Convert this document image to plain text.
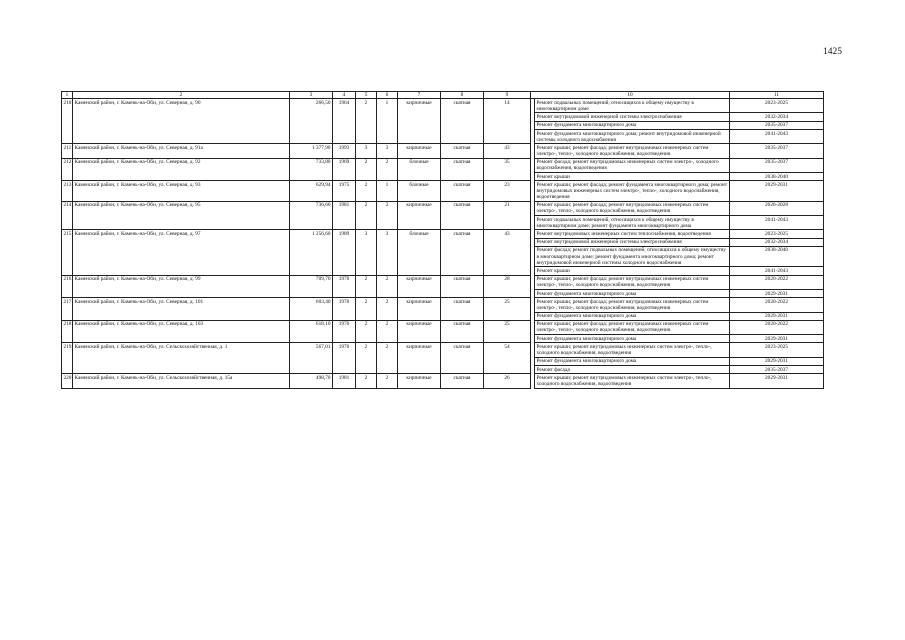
1425
1	2	3	4	5	6	7	8	9	10		11
210	Каменский район, г. Камень-на-Оби, ул. Северная, д. 90	266,50	1964	2	1	кирпичные	скатная	14		Ремонт подвальных помещений, относящихся к общему имуществу в многоквартирном доме	2023-2025
										Ремонт внутридомовой инженерной системы электроснабжения	2032-2034
										Ремонт фундамента многоквартирного дома	2035-2037
										Ремонт фундамента многоквартирного дома; ремонт внутридомовой инженерной системы холодного водоснабжения	2041-2043
211	Каменский район, г. Камень-на-Оби, ул. Северная, д. 91а	1 377,90	1993	3	3	кирпичные	скатная	43		Ремонт крыши; ремонт фасада; ремонт внутридомовых инженерных систем электро-, тепло-, холодного водоснабжения, водоотведения	2035-2037
212	Каменский район, г. Камень-на-Оби, ул. Северная, д. 92	733,80	1969	2	2	блочные	скатная	35		Ремонт фасада; ремонт внутридомовых инженерных систем электро-, холодного водоснабжения, водоотведения	2035-2037
										Ремонт крыши	2038-2040
213	Каменский район, г. Камень-на-Оби, ул. Северная, д. 93	629,94	1975	2	1	блочные	скатная	23		Ремонт крыши; ремонт фасада; ремонт фундамента многоквартирного дома; ремонт внутридомовых инженерных систем электро-, тепло-, холодного водоснабжения, водоотведения	2029-2031
214	Каменский район, г. Камень-на-Оби, ул. Северная, д. 95	736,60	1981	2	2	кирпичные	скатная	21		Ремонт крыши; ремонт фасада; ремонт внутридомовых инженерных систем электро-, тепло-, холодного водоснабжения, водоотведения	2026-2028
										Ремонт подвальных помещений, относящихся к общему имуществу в многоквартирном доме; ремонт фундамента многоквартирного дома	2041-2043
215	Каменский район, г. Камень-на-Оби, ул. Северная, д. 97	1 256,60	1989	3	3	блочные	скатная	43		Ремонт внутридомовых инженерных систем теплоснабжения, водоотведения	2023-2025
										Ремонт внутридомовой инженерной системы электроснабжения	2032-2034
										Ремонт фасада; ремонт подвальных помещений, относящихся к общему имуществу в многоквартирном доме; ремонт фундамента многоквартирного дома; ремонт внутридомовой инженерной системы холодного водоснабжения	2038-2040
										Ремонт крыши	2041-2043
216	Каменский район, г. Камень-на-Оби, ул. Северная, д. 99	709,70	1970	2	2	кирпичные	скатная	28		Ремонт крыши; ремонт фасада; ремонт внутридомовых инженерных систем электро-, тепло-, холодного водоснабжения, водоотведения	2020-2022
										Ремонт фундамента многоквартирного дома	2029-2031
217	Каменский район, г. Камень-на-Оби, ул. Северная, д. 101	603,40	1970	2	2	кирпичные	скатная	25		Ремонт крыши; ремонт фасада; ремонт внутридомовых инженерных систем электро-, тепло-, холодного водоснабжения, водоотведения	2020-2022
										Ремонт фундамента многоквартирного дома	2029-2031
218	Каменский район, г. Камень-на-Оби, ул. Северная, д. 103	618,10	1970	2	2	кирпичные	скатная	25		Ремонт крыши; ремонт фасада; ремонт внутридомовых инженерных систем электро-, тепло-, холодного водоснабжения, водоотведения	2020-2022
										Ремонт фундамента многоквартирного дома	2029-2031
219	Каменский район, г. Камень-на-Оби, ул. Сельскохозяйственная, д. 1	567,01	1970	2	2	кирпичные	скатная	54		Ремонт крыши; ремонт внутридомовых инженерных систем электро-, тепло-, холодного водоснабжения, водоотведения	2023-2025
										Ремонт фундамента многоквартирного дома	2029-2031
										Ремонт фасада	2035-2037
220	Каменский район, г. Камень-на-Оби, ул. Сельскохозяйственная, д. 15а	498,70	1981	2	2	кирпичные	скатная	26		Ремонт крыши; ремонт внутридомовых инженерных систем электро-, тепло-, холодного водоснабжения, водоотведения	2029-2031
